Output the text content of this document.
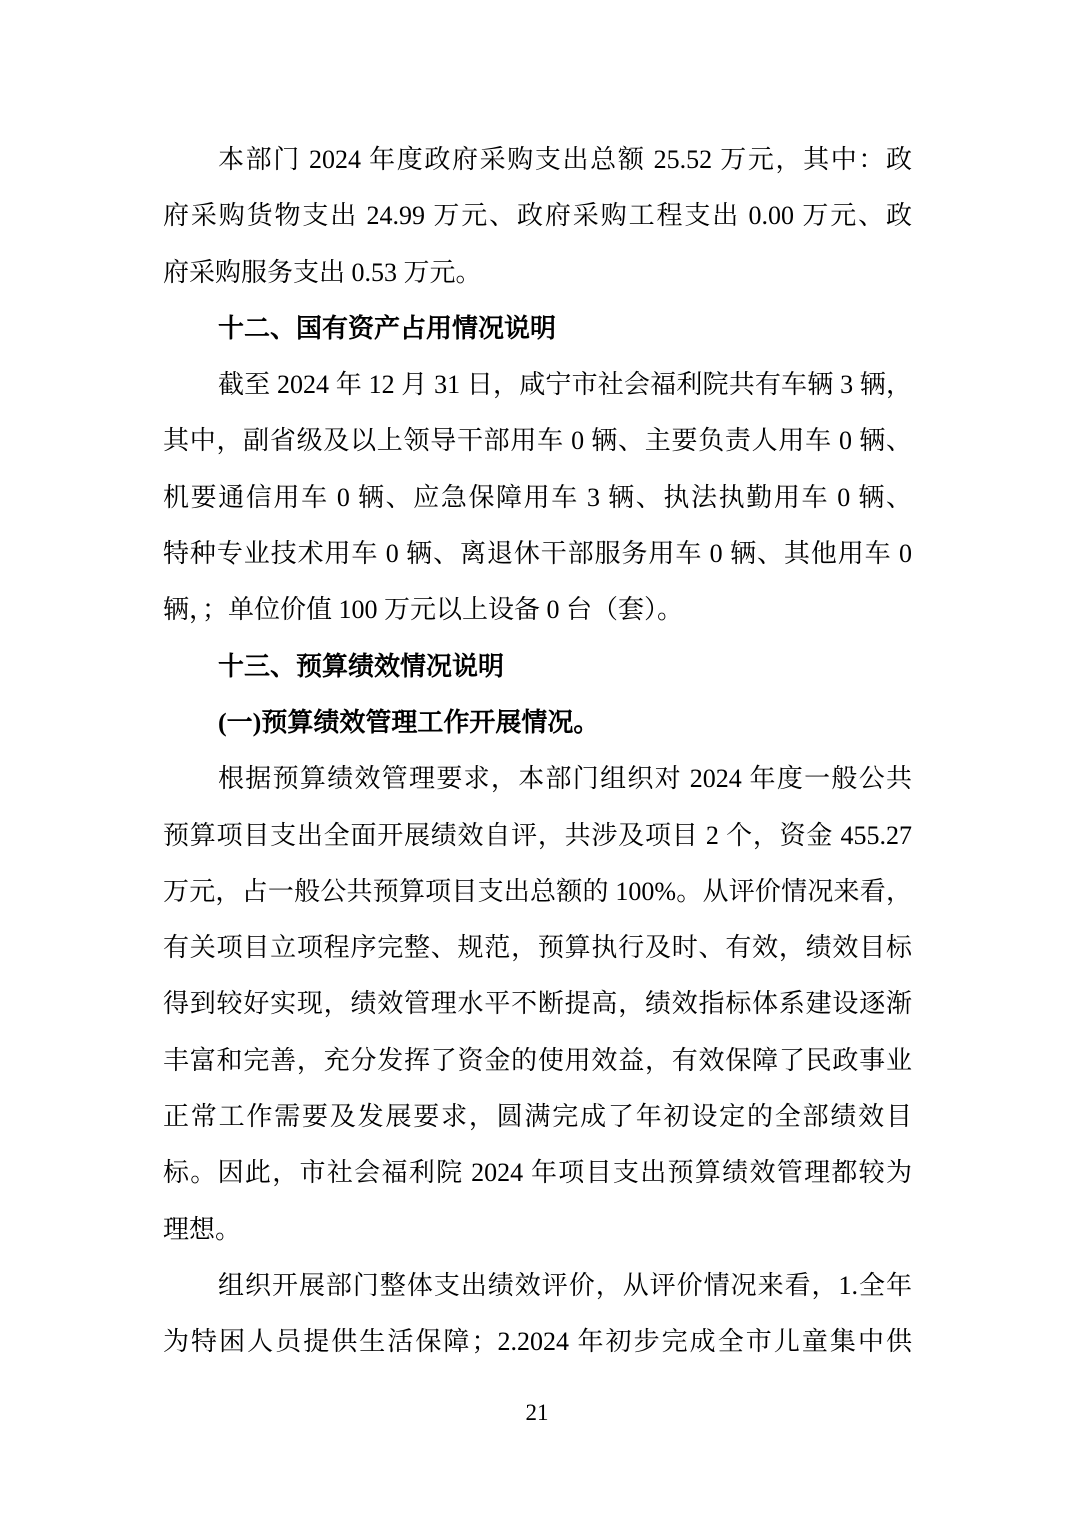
本部门 2024 年度政府采购支出总额 25.52 万元，其中：政
府采购货物支出 24.99 万元、政府采购工程支出 0.00 万元、政
府采购服务支出 0.53 万元。
十二、国有资产占用情况说明
截至 2024 年 12 月 31 日，咸宁市社会福利院共有车辆 3 辆，
其中，副省级及以上领导干部用车 0 辆、主要负责人用车 0 辆、
机要通信用车 0 辆、应急保障用车 3 辆、执法执勤用车 0 辆、
特种专业技术用车 0 辆、离退休干部服务用车 0 辆、其他用车 0
辆，；单位价值 100 万元以上设备 0 台（套）。
十三、预算绩效情况说明
(一)预算绩效管理工作开展情况。
根据预算绩效管理要求，本部门组织对 2024 年度一般公共
预算项目支出全面开展绩效自评，共涉及项目 2 个，资金 455.27
万元，占一般公共预算项目支出总额的 100%。从评价情况来看，
有关项目立项程序完整、规范，预算执行及时、有效，绩效目标
得到较好实现，绩效管理水平不断提高，绩效指标体系建设逐渐
丰富和完善，充分发挥了资金的使用效益，有效保障了民政事业
正常工作需要及发展要求，圆满完成了年初设定的全部绩效目
标。因此，市社会福利院 2024 年项目支出预算绩效管理都较为
理想。
组织开展部门整体支出绩效评价，从评价情况来看，1.全年
为特困人员提供生活保障；2.2024 年初步完成全市儿童集中供
21
